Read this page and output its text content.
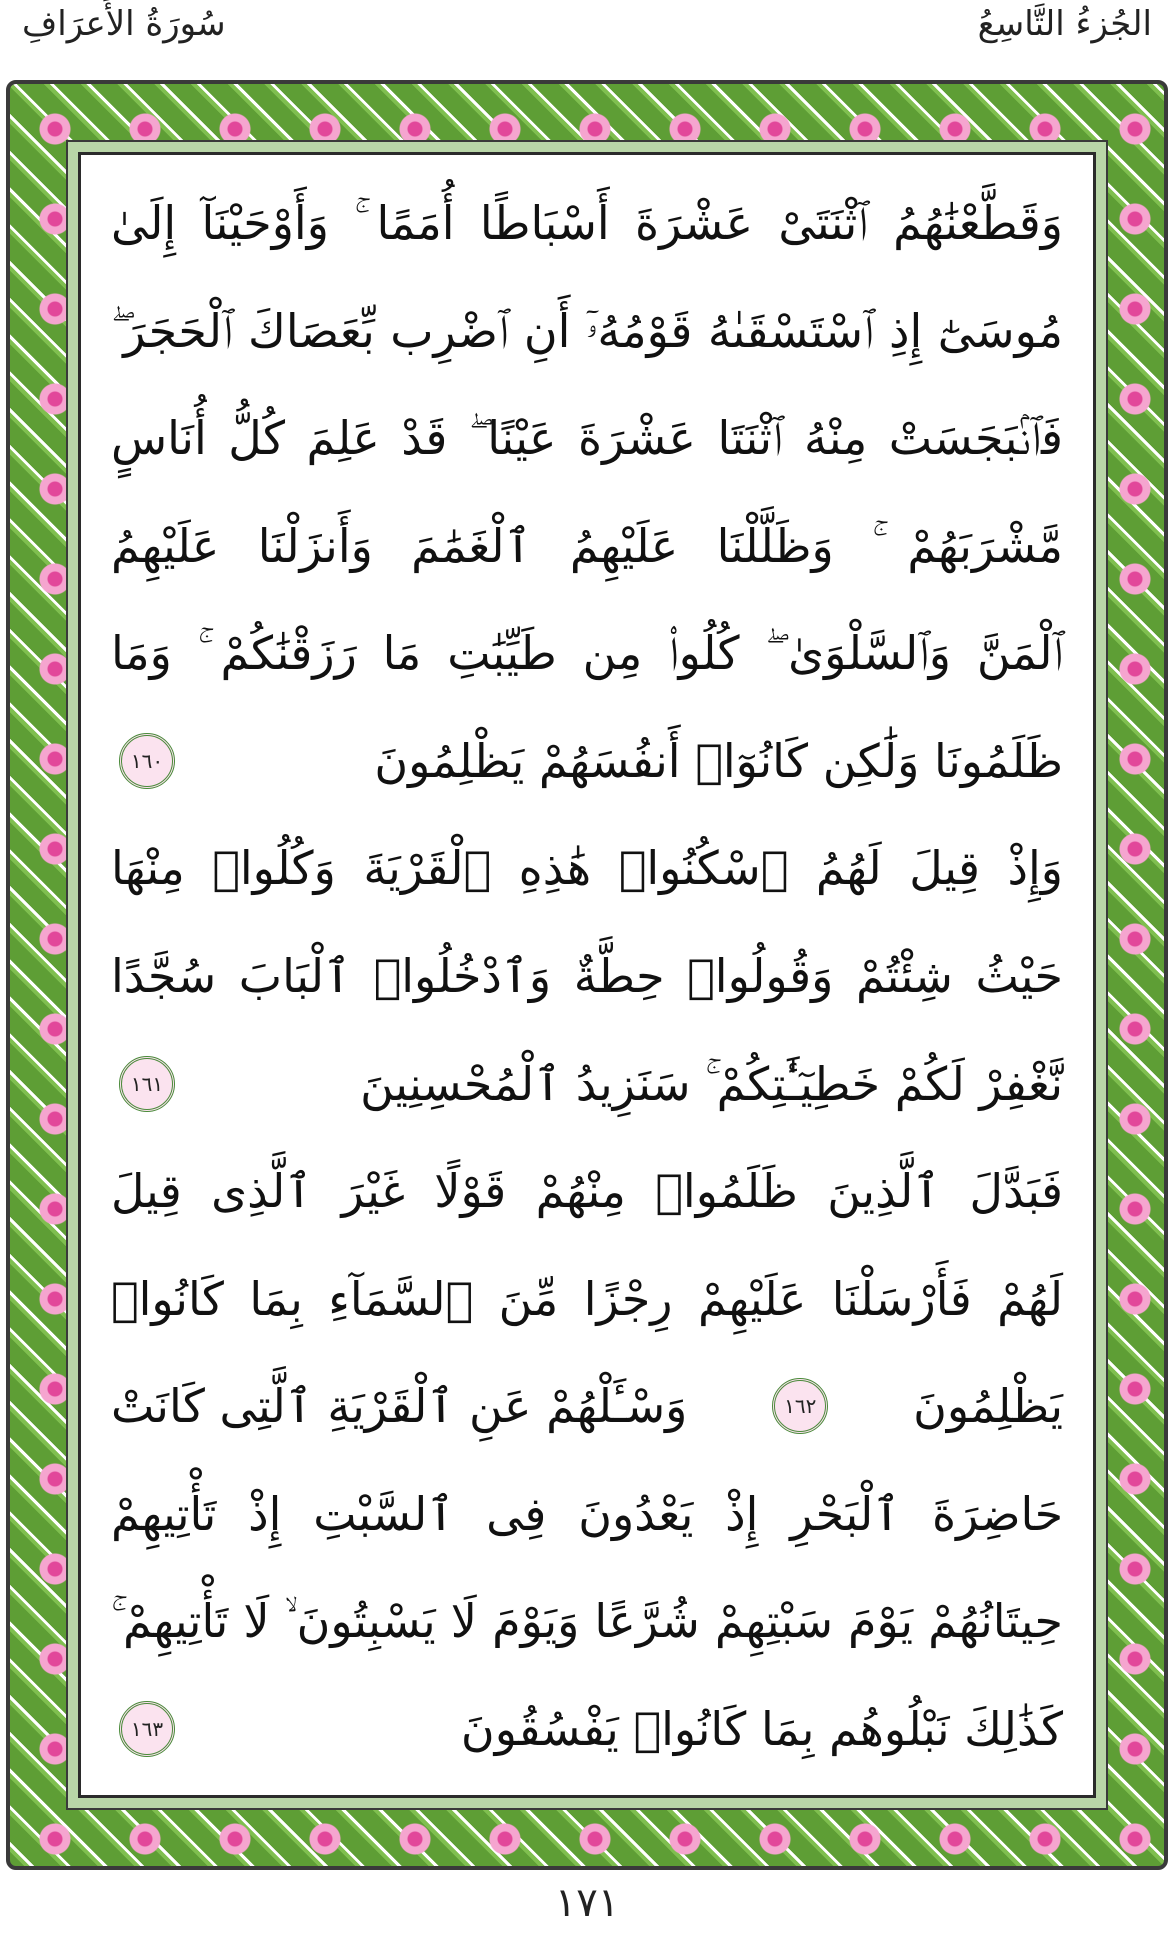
الجُزءُ التَّاسِعُ
سُورَةُ الأَعرَافِ
وَقَطَّعْنَٰهُمُ ٱثْنَتَىْ عَشْرَةَ أَسْبَاطًا أُمَمًا ۚ وَأَوْحَيْنَآ إِلَىٰ
مُوسَىٰٓ إِذِ ٱسْتَسْقَىٰهُ قَوْمُهُۥٓ أَنِ ٱضْرِب بِّعَصَاكَ ٱلْحَجَرَ ۖ
فَٱنۢبَجَسَتْ مِنْهُ ٱثْنَتَا عَشْرَةَ عَيْنًا ۖ قَدْ عَلِمَ كُلُّ أُنَاسٍ
مَّشْرَبَهُمْ ۚ وَظَلَّلْنَا عَلَيْهِمُ ٱلْغَمَٰمَ وَأَنزَلْنَا عَلَيْهِمُ
ٱلْمَنَّ وَٱلسَّلْوَىٰ ۖ كُلُوا۟ مِن طَيِّبَٰتِ مَا رَزَقْنَٰكُمْ ۚ وَمَا
ظَلَمُونَا وَلَٰكِن كَانُوٓا۟ أَنفُسَهُمْ يَظْلِمُونَ
١٦٠
وَإِذْ قِيلَ لَهُمُ ٱسْكُنُوا۟ هَٰذِهِ ٱلْقَرْيَةَ وَكُلُوا۟ مِنْهَا
حَيْثُ شِئْتُمْ وَقُولُوا۟ حِطَّةٌ وَٱدْخُلُوا۟ ٱلْبَابَ سُجَّدًا
نَّغْفِرْ لَكُمْ خَطِيٓـَٰٔتِكُمْ ۚ سَنَزِيدُ ٱلْمُحْسِنِينَ
١٦١
فَبَدَّلَ ٱلَّذِينَ ظَلَمُوا۟ مِنْهُمْ قَوْلًا غَيْرَ ٱلَّذِى قِيلَ
لَهُمْ فَأَرْسَلْنَا عَلَيْهِمْ رِجْزًا مِّنَ ٱلسَّمَآءِ بِمَا كَانُوا۟
يَظْلِمُونَ
١٦٢
وَسْـَٔلْهُمْ عَنِ ٱلْقَرْيَةِ ٱلَّتِى كَانَتْ
حَاضِرَةَ ٱلْبَحْرِ إِذْ يَعْدُونَ فِى ٱلسَّبْتِ إِذْ تَأْتِيهِمْ
حِيتَانُهُمْ يَوْمَ سَبْتِهِمْ شُرَّعًا وَيَوْمَ لَا يَسْبِتُونَ ۙ لَا تَأْتِيهِمْ ۚ
كَذَٰلِكَ نَبْلُوهُم بِمَا كَانُوا۟ يَفْسُقُونَ
١٦٣
١٧١
